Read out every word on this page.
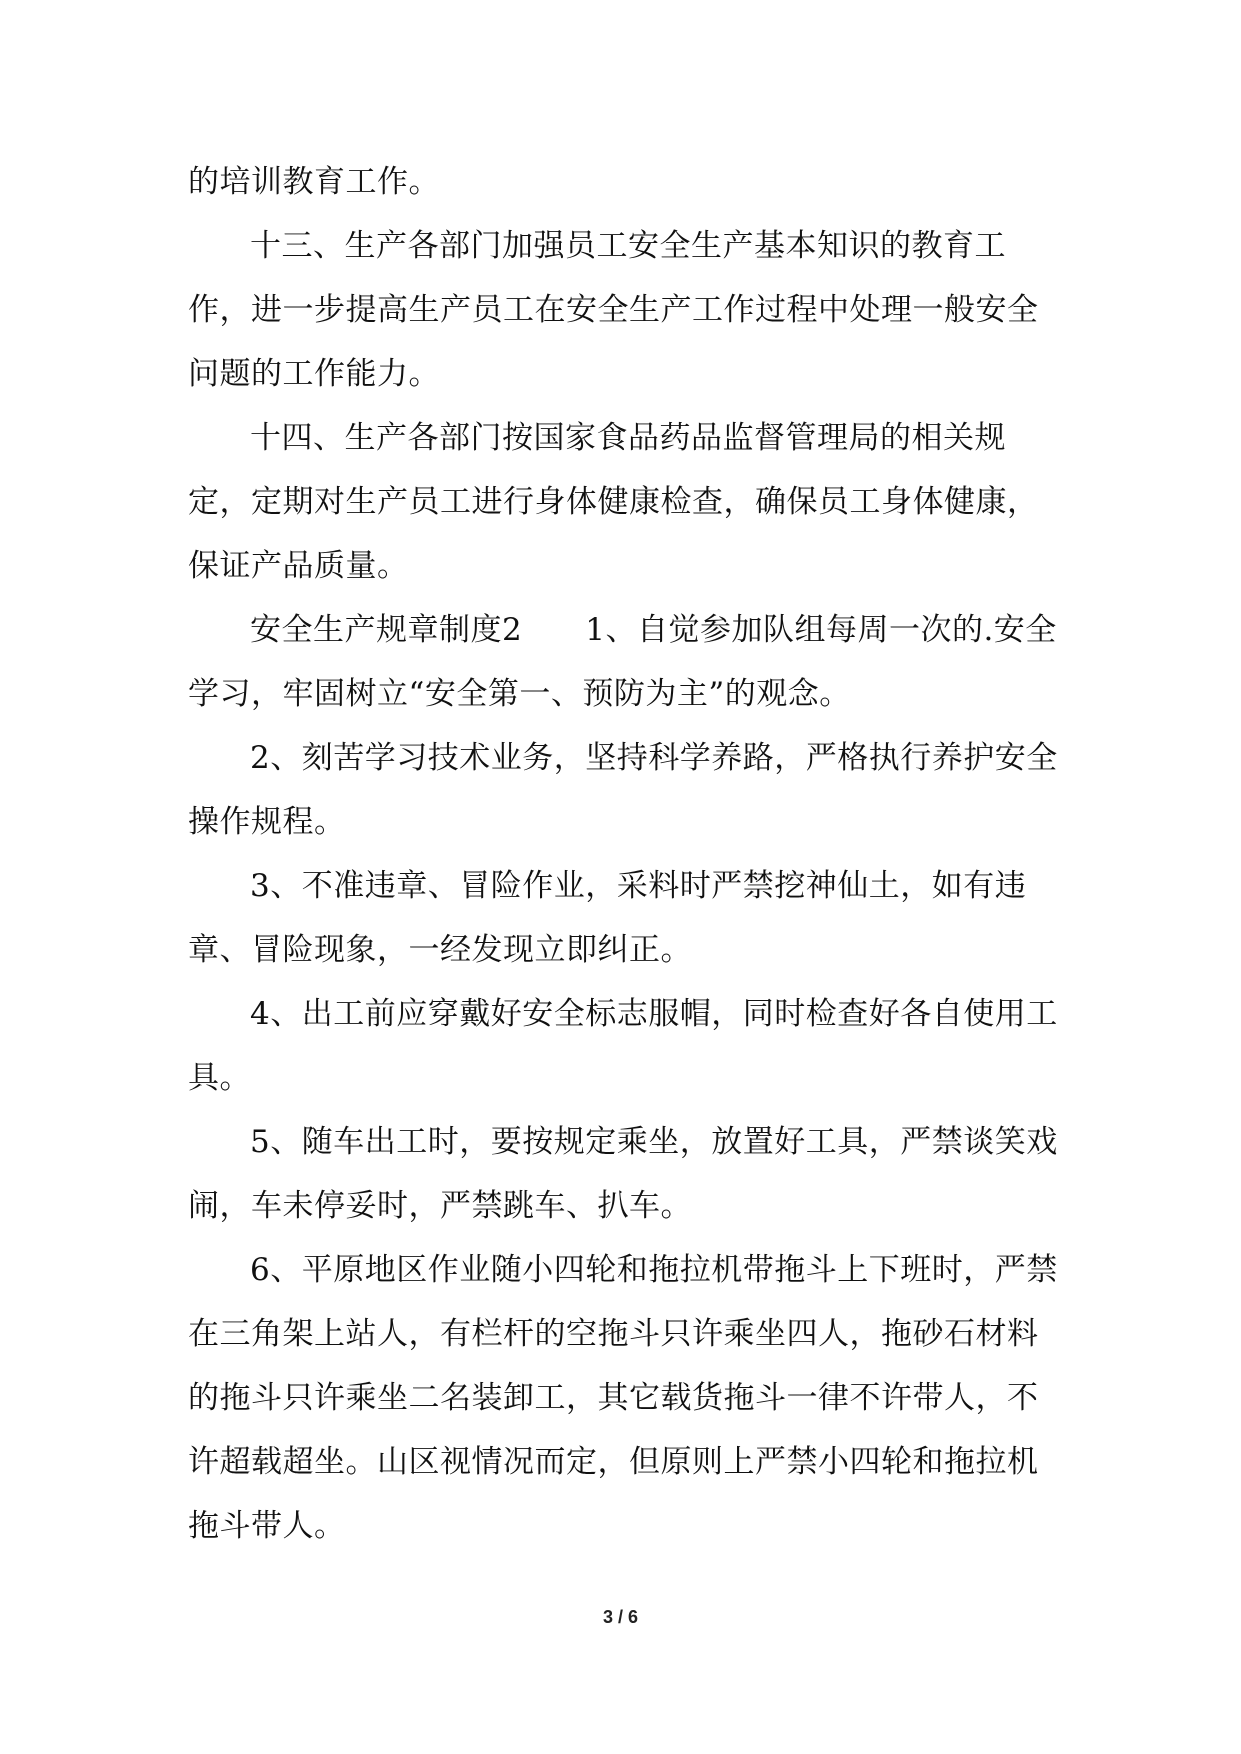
的培训教育工作。

十三、生产各部门加强员工安全生产基本知识的教育工作，进一步提高生产员工在安全生产工作过程中处理一般安全问题的工作能力。

十四、生产各部门按国家食品药品监督管理局的相关规定，定期对生产员工进行身体健康检查，确保员工身体健康，保证产品质量。

安全生产规章制度2　　1、自觉参加队组每周一次的.安全学习，牢固树立“安全第一、预防为主”的观念。

2、刻苦学习技术业务，坚持科学养路，严格执行养护安全操作规程。

3、不准违章、冒险作业，采料时严禁挖神仙土，如有违章、冒险现象，一经发现立即纠正。

4、出工前应穿戴好安全标志服帽，同时检查好各自使用工具。

5、随车出工时，要按规定乘坐，放置好工具，严禁谈笑戏闹，车未停妥时，严禁跳车、扒车。

6、平原地区作业随小四轮和拖拉机带拖斗上下班时，严禁在三角架上站人，有栏杆的空拖斗只许乘坐四人，拖砂石材料的拖斗只许乘坐二名装卸工，其它载货拖斗一律不许带人，不许超载超坐。山区视情况而定，但原则上严禁小四轮和拖拉机拖斗带人。

3 / 6
